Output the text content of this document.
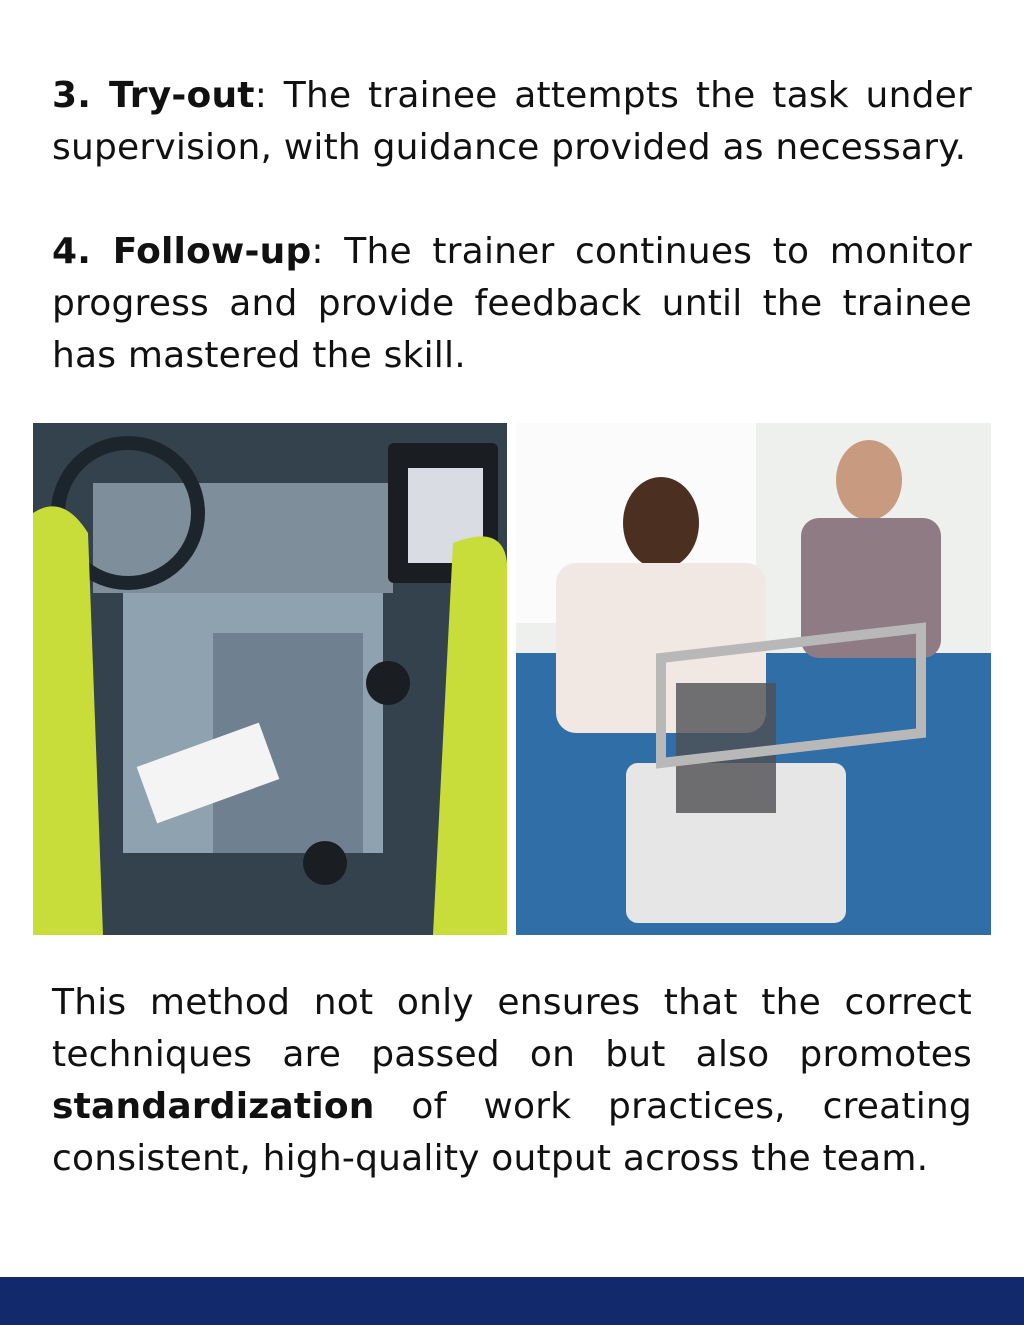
3. Try-out: The trainee attempts the task under supervision, with guidance provided as necessary.

4. Follow-up: The trainer continues to monitor progress and provide feedback until the trainee has mastered the skill.

This method not only ensures that the correct techniques are passed on but also promotes standardization of work practices, creating consistent, high-quality output across the team.
